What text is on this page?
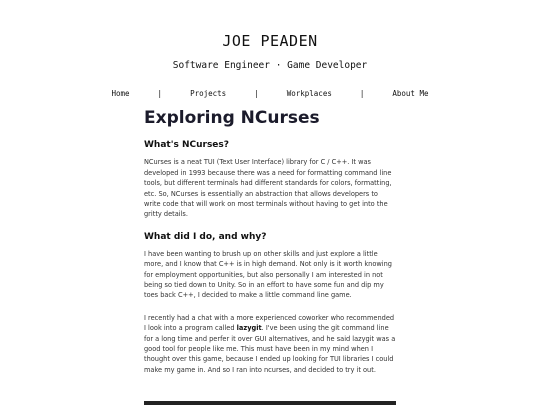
JOE PEADEN
Software Engineer · Game Developer
Home	|	Projects	|	Workplaces	|	About Me
Exploring NCurses
What's NCurses?

NCurses is a neat TUI (Text User Interface) library for C / C++. It was developed in 1993 because there was a need for formatting command line tools, but different terminals had different standards for colors, formatting, etc. So, NCurses is essentially an abstraction that allows developers to write code that will work on most terminals without having to get into the gritty details.

What did I do, and why?

I have been wanting to brush up on other skills and just explore a little more, and I know that C++ is in high demand. Not only is it worth knowing for employment opportunities, but also personally I am interested in not being so tied down to Unity. So in an effort to have some fun and dip my toes back C++, I decided to make a little command line game.

I recently had a chat with a more experienced coworker who recommended I look into a program called lazygit. I've been using the git command line for a long time and perfer it over GUI alternatives, and he said lazygit was a good tool for people like me. This must have been in my mind when I thought over this game, because I ended up looking for TUI libraries I could make my game in. And so I ran into ncurses, and decided to try it out.
